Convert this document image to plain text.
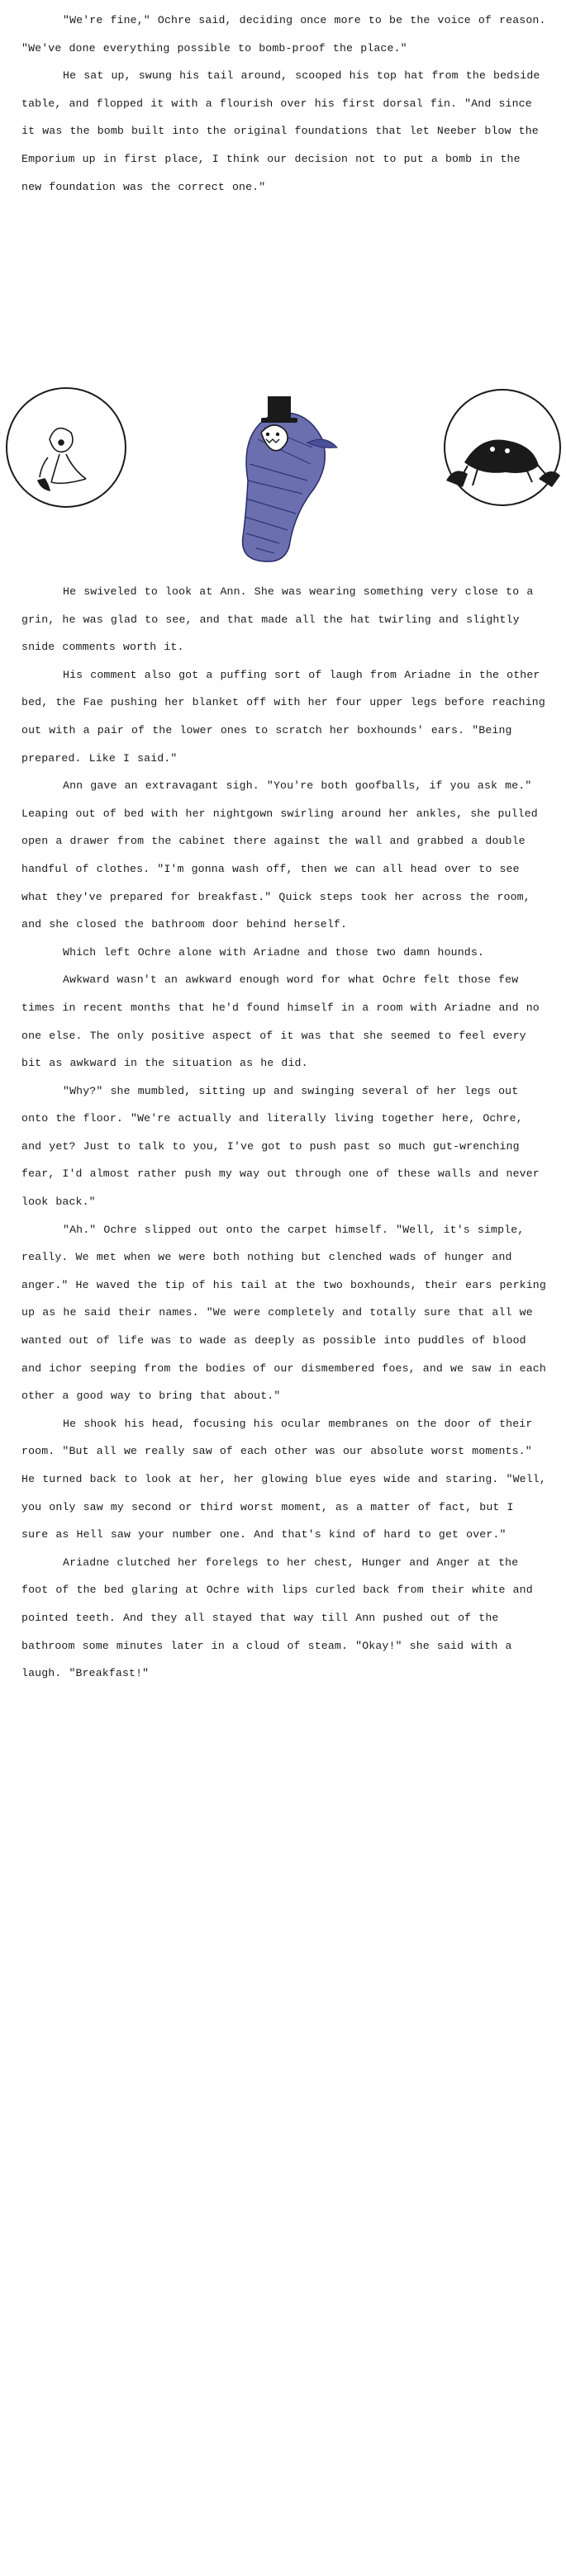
"We're fine," Ochre said, deciding once more to be the voice of reason. "We've done everything possible to bomb-proof the place."

He sat up, swung his tail around, scooped his top hat from the bedside table, and flopped it with a flourish over his first dorsal fin. "And since it was the bomb built into the original foundations that let Neeber blow the Emporium up in first place, I think our decision not to put a bomb in the new foundation was the correct one."

He swiveled to look at Ann. She was wearing something very close to a grin, he was glad to see, and that made all the hat twirling and slightly snide comments worth it.

His comment also got a puffing sort of laugh from Ariadne in the other bed, the Fae pushing her blanket off with her four upper legs before reaching out with a pair of the lower ones to scratch her boxhounds' ears. "Being prepared. Like I said."

Ann gave an extravagant sigh. "You're both goofballs, if you ask me." Leaping out of bed with her nightgown swirling around her ankles, she pulled open a drawer from the cabinet there against the wall and grabbed a double handful of clothes. "I'm gonna wash off, then we can all head over to see what they've prepared for breakfast." Quick steps took her across the room, and she closed the bathroom door behind herself.

Which left Ochre alone with Ariadne and those two damn hounds.

Awkward wasn't an awkward enough word for what Ochre felt those few times in recent months that he'd found himself in a room with Ariadne and no one else. The only positive aspect of it was that she seemed to feel every bit as awkward in the situation as he did.

"Why?" she mumbled, sitting up and swinging several of her legs out onto the floor. "We're actually and literally living together here, Ochre, and yet? Just to talk to you, I've got to push past so much gut-wrenching fear, I'd almost rather push my way out through one of these walls and never look back."

"Ah." Ochre slipped out onto the carpet himself. "Well, it's simple, really. We met when we were both nothing but clenched wads of hunger and anger." He waved the tip of his tail at the two boxhounds, their ears perking up as he said their names. "We were completely and totally sure that all we wanted out of life was to wade as deeply as possible into puddles of blood and ichor seeping from the bodies of our dismembered foes, and we saw in each other a good way to bring that about."

He shook his head, focusing his ocular membranes on the door of their room. "But all we really saw of each other was our absolute worst moments." He turned back to look at her, her glowing blue eyes wide and staring. "Well, you only saw my second or third worst moment, as a matter of fact, but I sure as Hell saw your number one. And that's kind of hard to get over."

Ariadne clutched her forelegs to her chest, Hunger and Anger at the foot of the bed glaring at Ochre with lips curled back from their white and pointed teeth. And they all stayed that way till Ann pushed out of the bathroom some minutes later in a cloud of steam. "Okay!" she said with a laugh. "Breakfast!"
